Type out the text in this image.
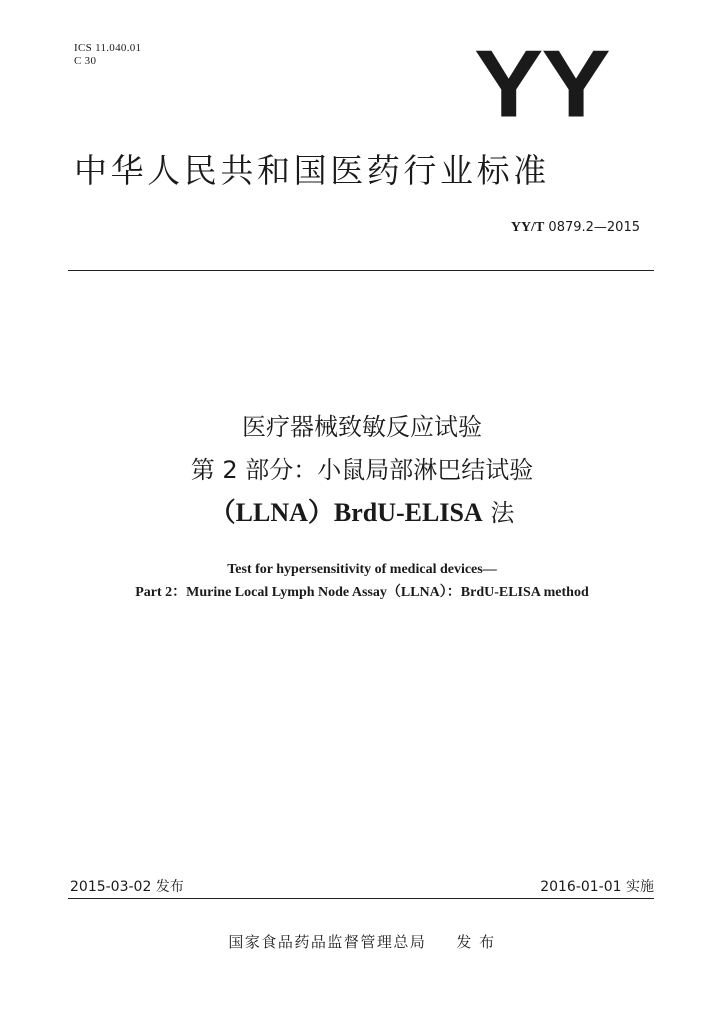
ICS 11.040.01
C 30	YY
中华人民共和国医药行业标准
YY/T 0879.2—2015
医疗器械致敏反应试验
第 2 部分：小鼠局部淋巴结试验
（LLNA）BrdU-ELISA 法
Test for hypersensitivity of medical devices—
Part 2：Murine Local Lymph Node Assay（LLNA）：BrdU-ELISA method
2015-03-02 发布	2016-01-01 实施
国家食品药品监督管理总局 发 布
